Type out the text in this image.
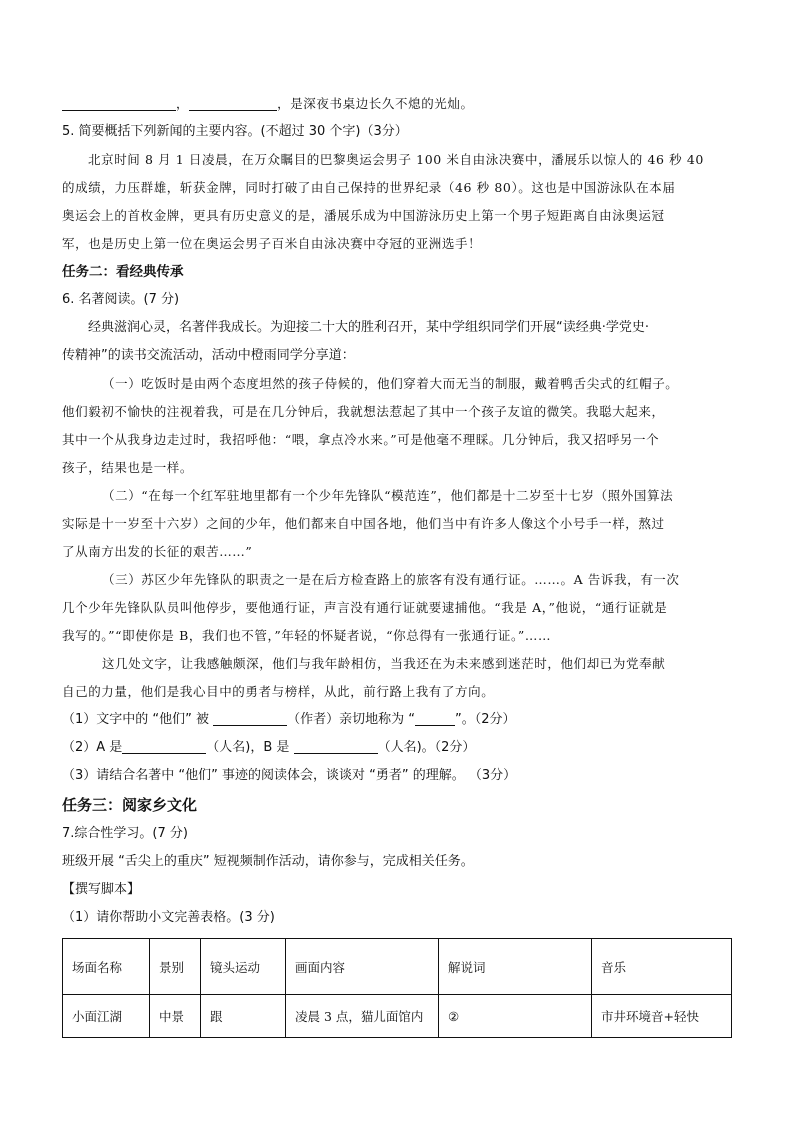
，	，是深夜书桌边长久不熄的光灿。
5. 简要概括下列新闻的主要内容。(不超过 30 个字)（3分）
北京时间 8 月 1 日凌晨，在万众瞩目的巴黎奥运会男子 100 米自由泳决赛中，潘展乐以惊人的 46 秒 40
的成绩，力压群雄，斩获金牌，同时打破了由自己保持的世界纪录（46 秒 80）。这也是中国游泳队在本届
奥运会上的首枚金牌，更具有历史意义的是，潘展乐成为中国游泳历史上第一个男子短距离自由泳奥运冠
军，也是历史上第一位在奥运会男子百米自由泳决赛中夺冠的亚洲选手！
任务二：看经典传承
6. 名著阅读。(7 分)
经典滋润心灵，名著伴我成长。为迎接二十大的胜利召开，某中学组织同学们开展“读经典·学党史·
传精神”的读书交流活动，活动中橙雨同学分享道：
（一）吃饭时是由两个态度坦然的孩子侍候的，他们穿着大而无当的制服，戴着鸭舌尖式的红帽子。
他们毅初不愉快的注视着我，可是在几分钟后，我就想法惹起了其中一个孩子友谊的微笑。我聪大起来，
其中一个从我身边走过时，我招呼他：“喂，拿点冷水来。”可是他毫不理睬。几分钟后，我又招呼另一个
孩子，结果也是一样。
（二）“在每一个红军驻地里都有一个少年先锋队“模范连”，他们都是十二岁至十七岁（照外国算法
实际是十一岁至十六岁）之间的少年，他们都来自中国各地，他们当中有许多人像这个小号手一样，熬过
了从南方出发的长征的艰苦……”
（三）苏区少年先锋队的职责之一是在后方检查路上的旅客有没有通行证。……。A 告诉我，有一次
几个少年先锋队队员叫他停步，要他通行证，声言没有通行证就要逮捕他。“我是 A，”他说，“通行证就是
我写的。”“即使你是 B，我们也不管，”年轻的怀疑者说，“你总得有一张通行证。”……
这几处文字，让我感触颇深，他们与我年龄相仿，当我还在为未来感到迷茫时，他们却已为党奉献
自己的力量，他们是我心目中的勇者与榜样，从此，前行路上我有了方向。
（1）文字中的 “他们” 被	（作者）亲切地称为 “	”。（2分）
（2）A 是	（人名)，B 是	（人名)。（2分）
（3）请结合名著中 “他们” 事迹的阅读体会，谈谈对 “勇者” 的理解。 （3分）
任务三：阅家乡文化
7.综合性学习。(7 分)
班级开展 “舌尖上的重庆” 短视频制作活动，请你参与，完成相关任务。
【撰写脚本】
（1）请你帮助小文完善表格。(3 分)
场面名称	景别	镜头运动	画面内容	解说词	音乐
小面江湖	中景	跟	凌晨 3 点，猫儿面馆内	②	市井环境音+轻快
